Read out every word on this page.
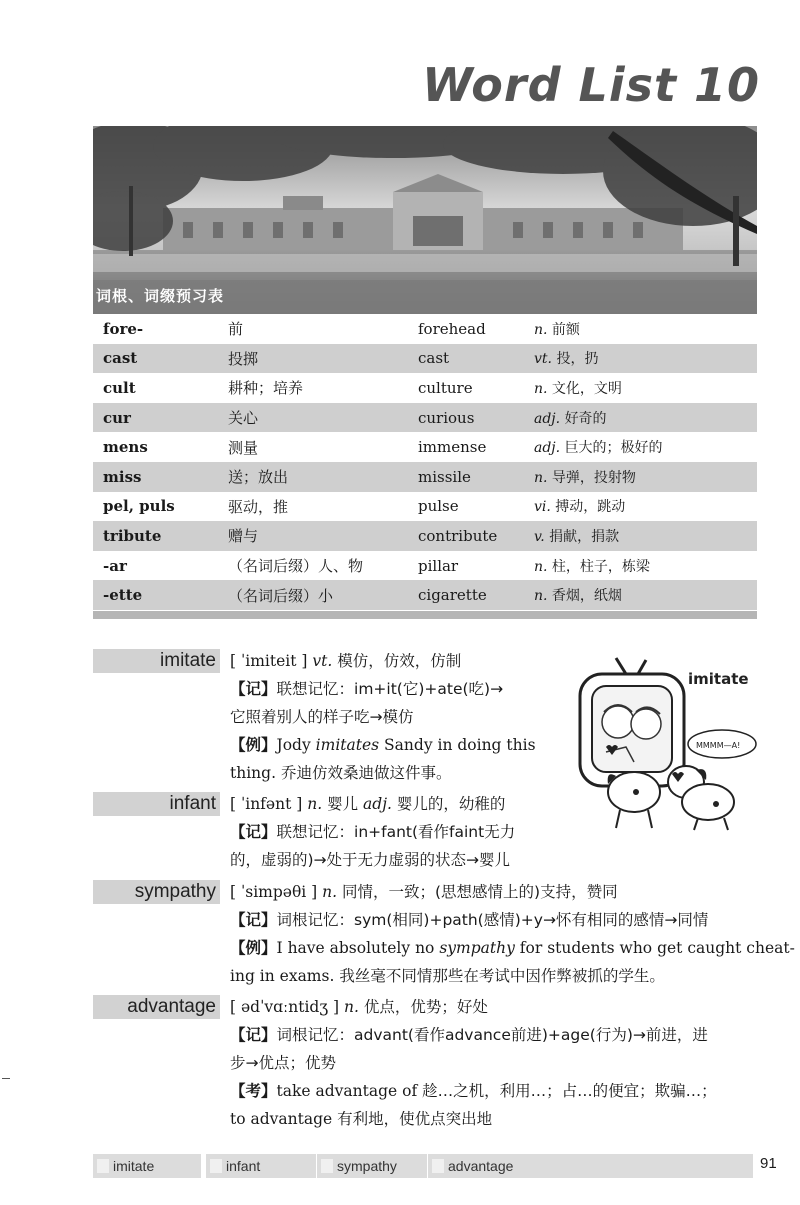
Word List 10
词根、词缀预习表
fore-	前	forehead	n. 前额
cast	投掷	cast	vt. 投，扔
cult	耕种；培养	culture	n. 文化，文明
cur	关心	curious	adj. 好奇的
mens	测量	immense	adj. 巨大的；极好的
miss	送；放出	missile	n. 导弹，投射物
pel, puls	驱动，推	pulse	vi. 搏动，跳动
tribute	赠与	contribute	v. 捐献，捐款
-ar	（名词后缀）人、物	pillar	n. 柱，柱子，栋梁
-ette	（名词后缀）小	cigarette	n. 香烟，纸烟
imitate [ ˈimiteit ] vt. 模仿，仿效，仿制

【记】联想记忆：im+it(它)+ate(吃)→

它照着别人的样子吃→模仿

【例】Jody imitates Sandy in doing this

thing. 乔迪仿效桑迪做这件事。

imitate
MMMM—A!
infant [ ˈinfənt ] n. 婴儿 adj. 婴儿的，幼稚的

【记】联想记忆：in+fant(看作faint无力

的，虚弱的)→处于无力虚弱的状态→婴儿

sympathy [ ˈsimpəθi ] n. 同情，一致；(思想感情上的)支持，赞同

【记】词根记忆：sym(相同)+path(感情)+y→怀有相同的感情→同情

【例】I have absolutely no sympathy for students who get caught cheat-

ing in exams. 我丝毫不同情那些在考试中因作弊被抓的学生。

advantage [ ədˈvɑːntidʒ ] n. 优点，优势；好处

【记】词根记忆：advant(看作advance前进)+age(行为)→前进，进

步→优点；优势

【考】take advantage of 趁…之机，利用…；占…的便宜；欺骗…；

to advantage 有利地，使优点突出地

imitate	infant	sympathy	advantage	91
